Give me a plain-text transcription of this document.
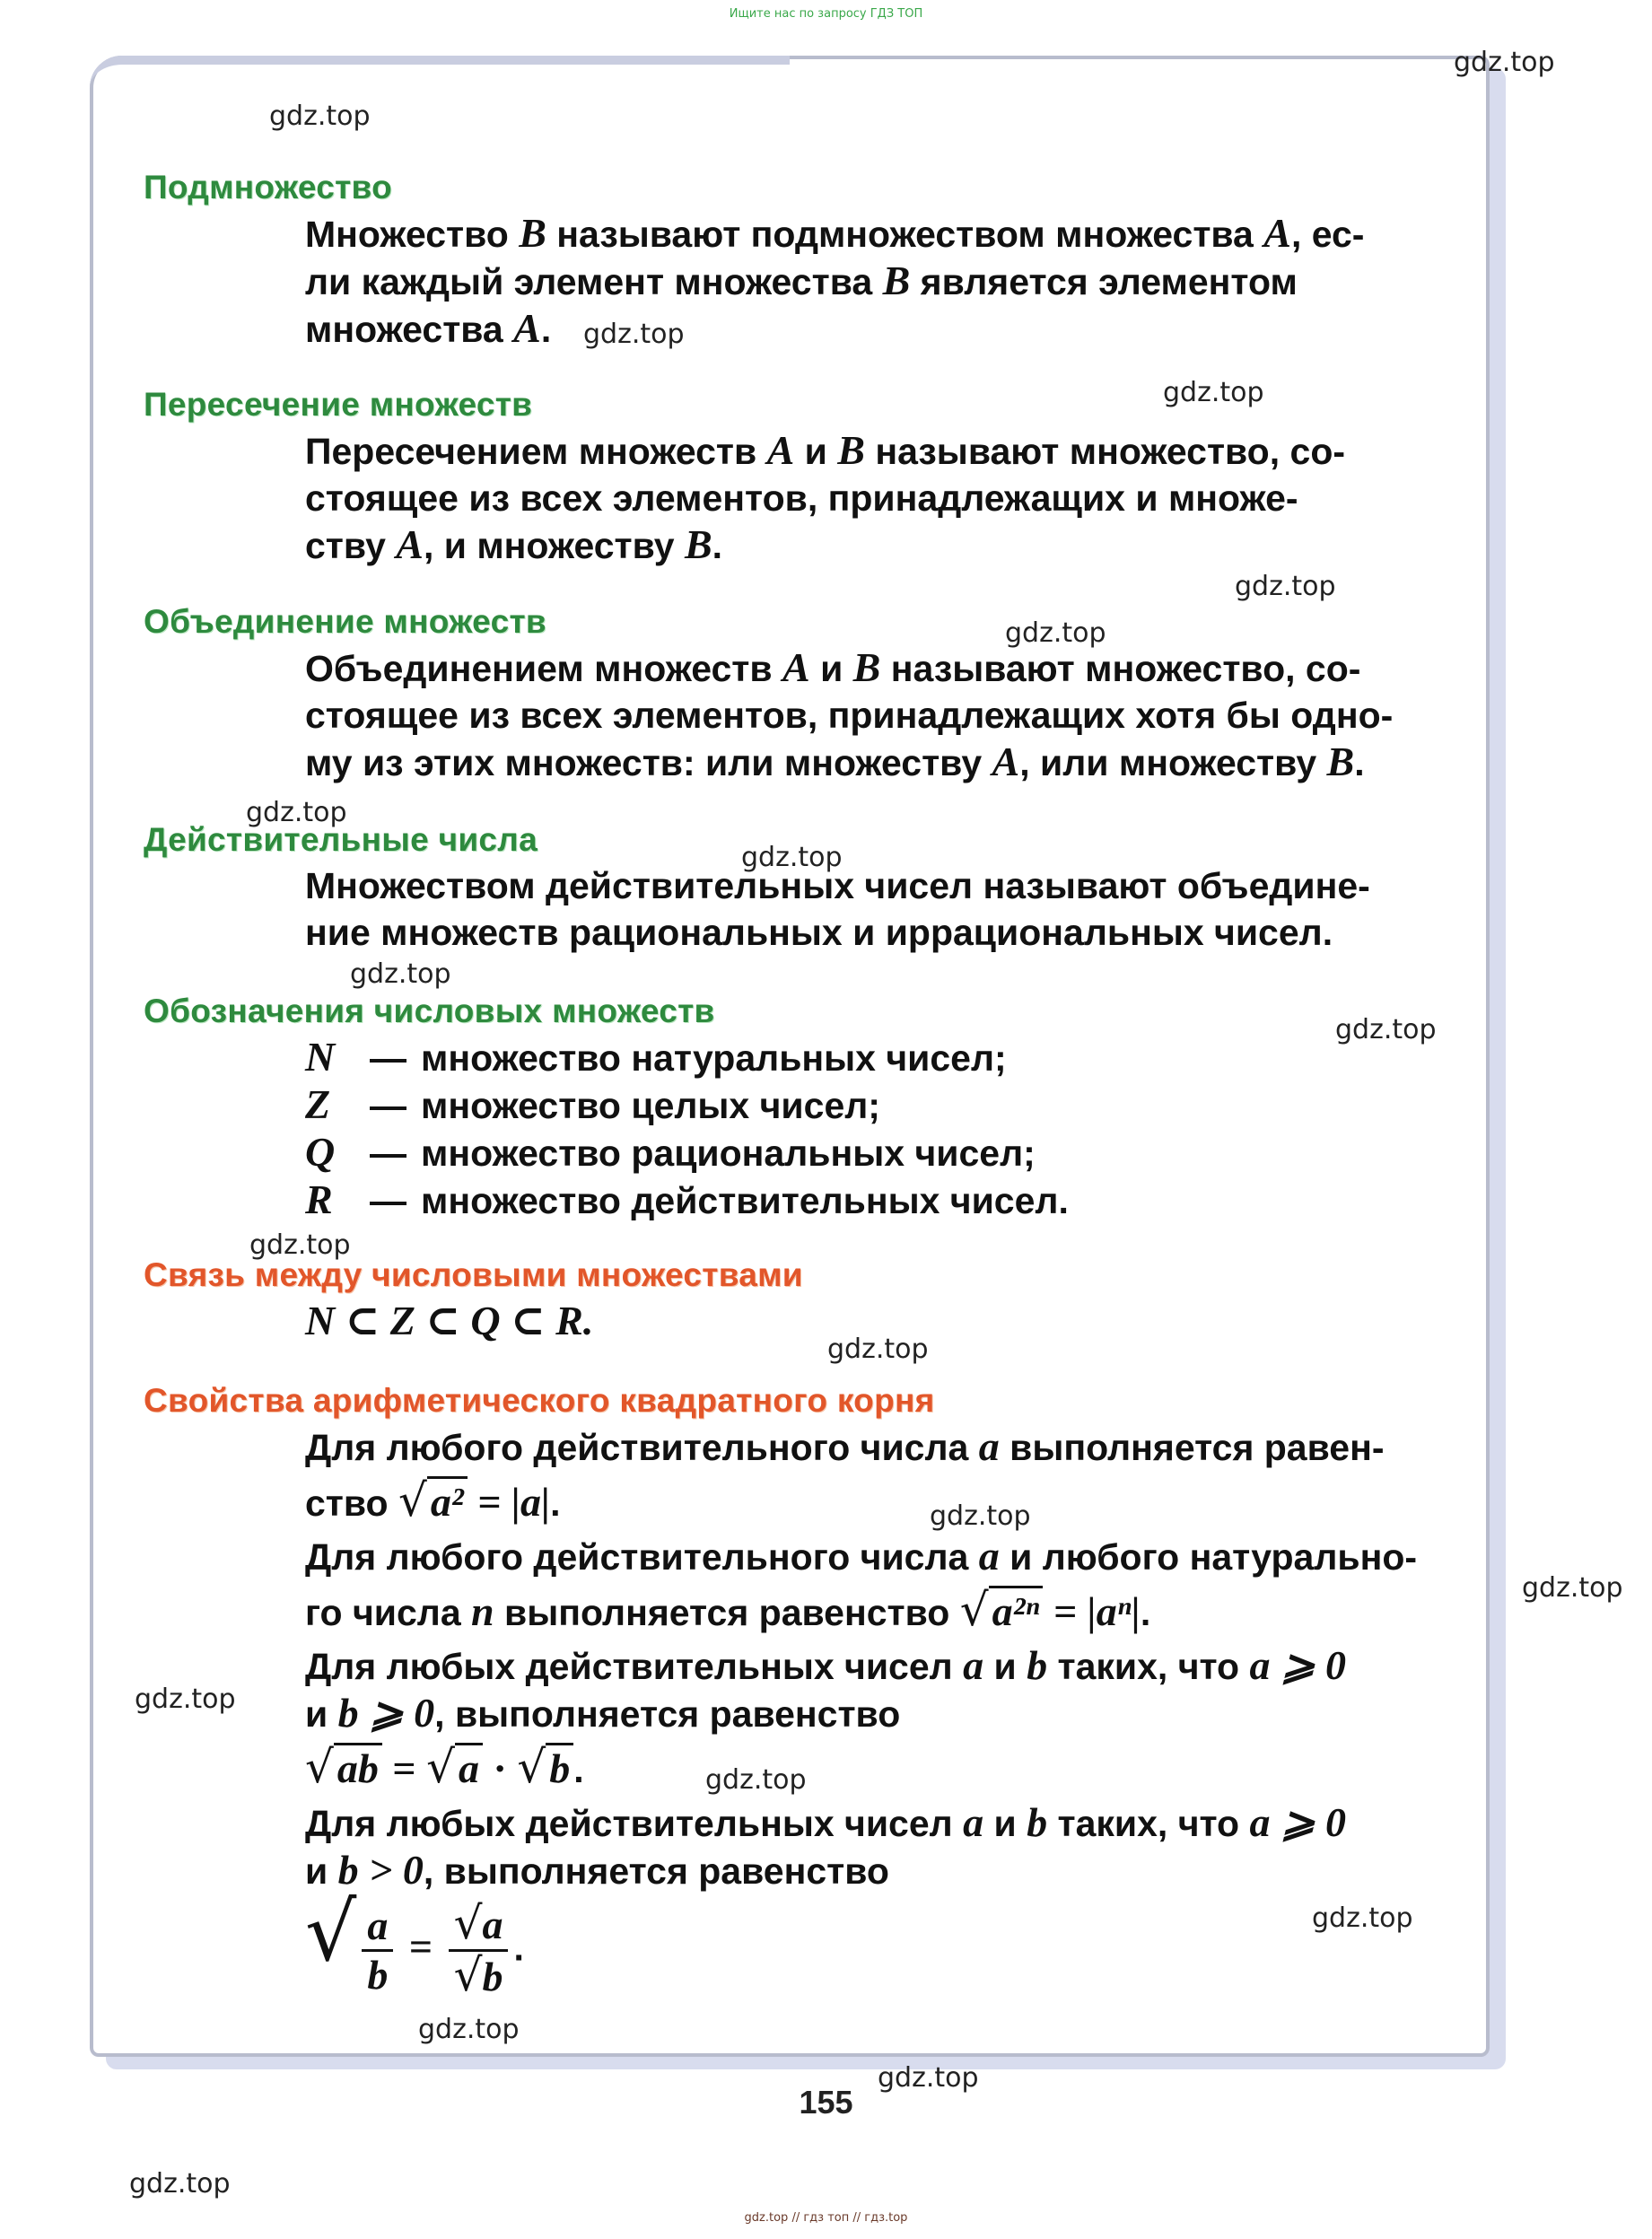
Ищите нас по запросу ГДЗ ТОП
Подмножество
Множество B называют подмножеством множества A, ес-
ли каждый элемент множества B является элементом
множества A.
Пересечение множеств
Пересечением множеств A и B называют множество, со-
стоящее из всех элементов, принадлежащих и множе-
ству A, и множеству B.
Объединение множеств
Объединением множеств A и B называют множество, со-
стоящее из всех элементов, принадлежащих хотя бы одно-
му из этих множеств: или множеству A, или множеству B.
Действительные числа
Множеством действительных чисел называют объедине-
ние множеств рациональных и иррациональных чисел.
Обозначения числовых множеств
N — множество натуральных чисел;
Z	— множество целых чисел;
Q — множество рациональных чисел;
R	— множество действительных чисел.
Связь между числовыми множествами
N ⊂ Z ⊂ Q ⊂ R.
Свойства арифметического квадратного корня
Для любого действительного числа a выполняется равен-
ство √a² = |a|.
Для любого действительного числа a и любого натурально-
го числа n выполняется равенство √a²ⁿ = |aⁿ|.
Для любых действительных чисел a и b таких, что a ⩾ 0
и b ⩾ 0, выполняется равенство
√ab = √a · √b.
Для любых действительных чисел a и b таких, что a ⩾ 0
и b > 0, выполняется равенство
√ $\frac{a}{b} = \frac{√a}{√b}$ .
gdz.top
gdz.top
gdz.top
gdz.top
gdz.top
gdz.top
gdz.top
gdz.top
gdz.top
gdz.top
gdz.top
gdz.top
gdz.top
gdz.top
gdz.top
gdz.top
gdz.top
gdz.top
gdz.top
gdz.top
155
gdz.top // гдз топ // гдз.top
